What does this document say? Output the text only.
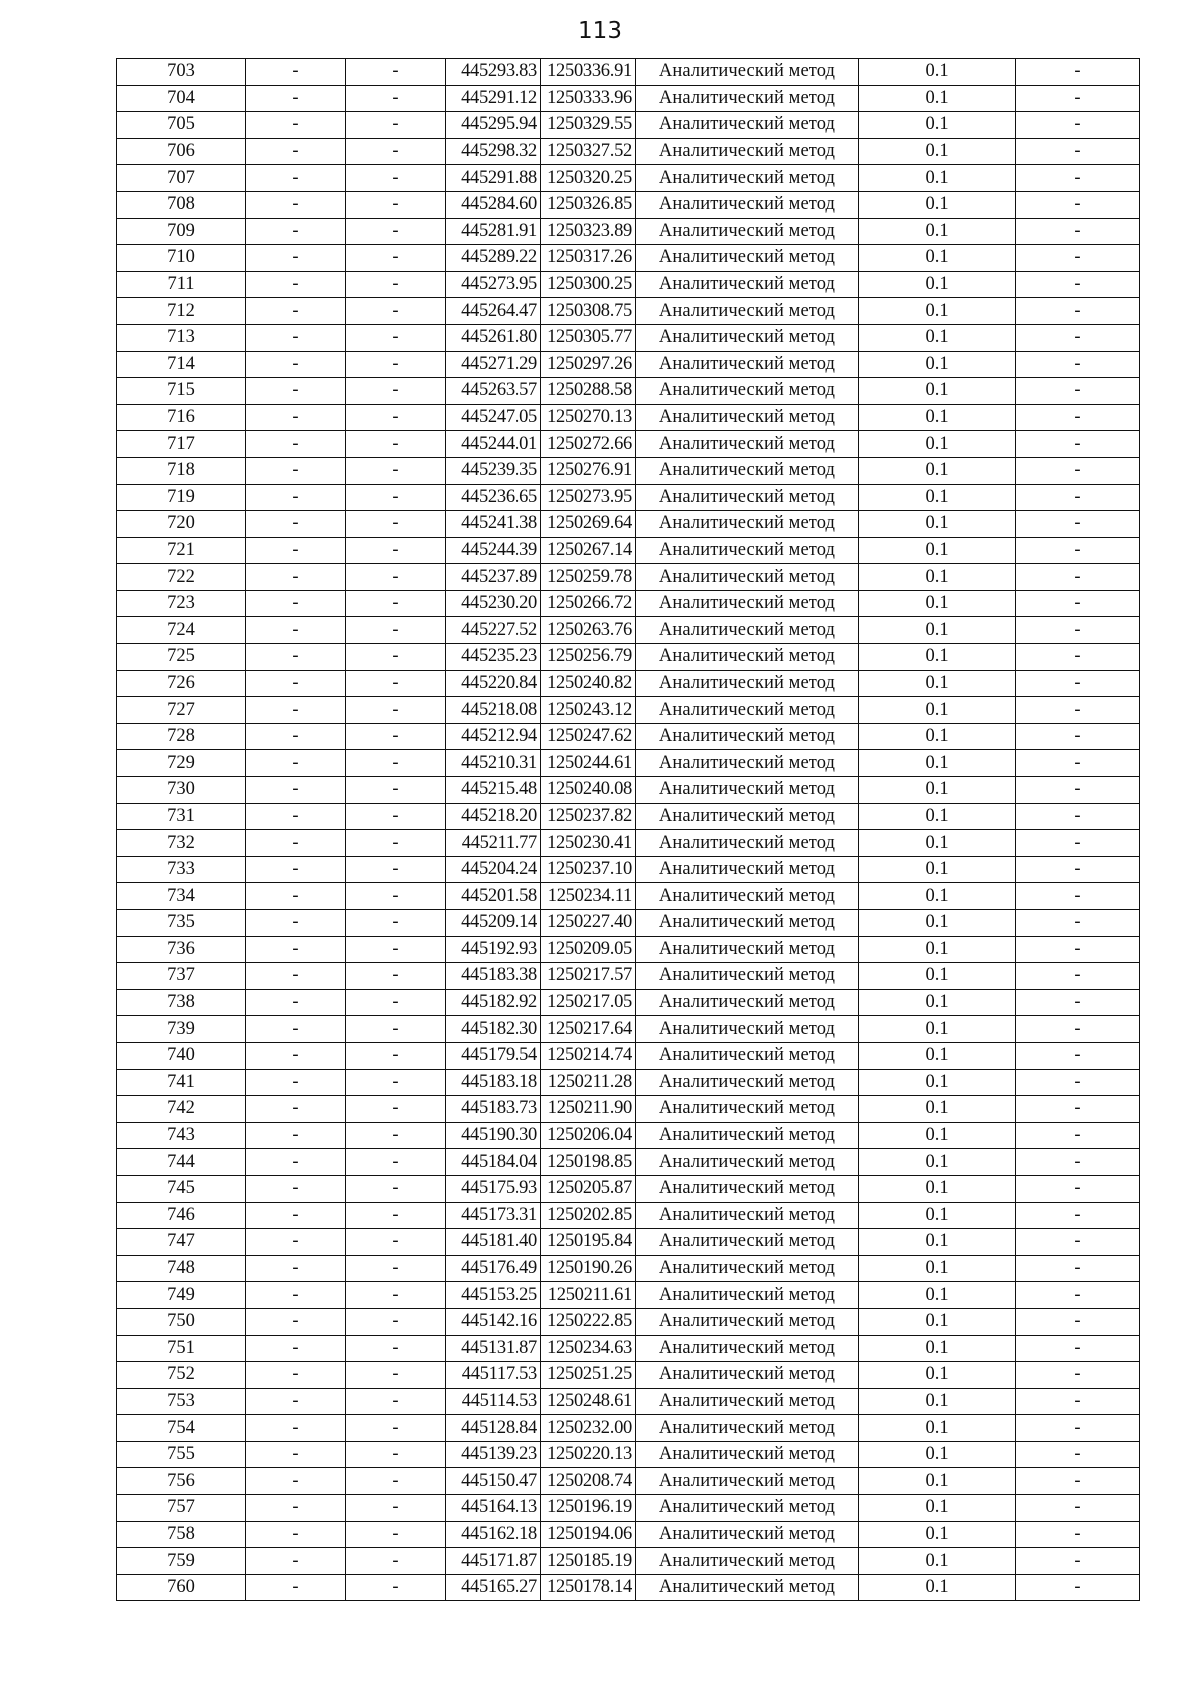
113
703	-	-	445293.83	1250336.91	Аналитический метод	0.1	-
704	-	-	445291.12	1250333.96	Аналитический метод	0.1	-
705	-	-	445295.94	1250329.55	Аналитический метод	0.1	-
706	-	-	445298.32	1250327.52	Аналитический метод	0.1	-
707	-	-	445291.88	1250320.25	Аналитический метод	0.1	-
708	-	-	445284.60	1250326.85	Аналитический метод	0.1	-
709	-	-	445281.91	1250323.89	Аналитический метод	0.1	-
710	-	-	445289.22	1250317.26	Аналитический метод	0.1	-
711	-	-	445273.95	1250300.25	Аналитический метод	0.1	-
712	-	-	445264.47	1250308.75	Аналитический метод	0.1	-
713	-	-	445261.80	1250305.77	Аналитический метод	0.1	-
714	-	-	445271.29	1250297.26	Аналитический метод	0.1	-
715	-	-	445263.57	1250288.58	Аналитический метод	0.1	-
716	-	-	445247.05	1250270.13	Аналитический метод	0.1	-
717	-	-	445244.01	1250272.66	Аналитический метод	0.1	-
718	-	-	445239.35	1250276.91	Аналитический метод	0.1	-
719	-	-	445236.65	1250273.95	Аналитический метод	0.1	-
720	-	-	445241.38	1250269.64	Аналитический метод	0.1	-
721	-	-	445244.39	1250267.14	Аналитический метод	0.1	-
722	-	-	445237.89	1250259.78	Аналитический метод	0.1	-
723	-	-	445230.20	1250266.72	Аналитический метод	0.1	-
724	-	-	445227.52	1250263.76	Аналитический метод	0.1	-
725	-	-	445235.23	1250256.79	Аналитический метод	0.1	-
726	-	-	445220.84	1250240.82	Аналитический метод	0.1	-
727	-	-	445218.08	1250243.12	Аналитический метод	0.1	-
728	-	-	445212.94	1250247.62	Аналитический метод	0.1	-
729	-	-	445210.31	1250244.61	Аналитический метод	0.1	-
730	-	-	445215.48	1250240.08	Аналитический метод	0.1	-
731	-	-	445218.20	1250237.82	Аналитический метод	0.1	-
732	-	-	445211.77	1250230.41	Аналитический метод	0.1	-
733	-	-	445204.24	1250237.10	Аналитический метод	0.1	-
734	-	-	445201.58	1250234.11	Аналитический метод	0.1	-
735	-	-	445209.14	1250227.40	Аналитический метод	0.1	-
736	-	-	445192.93	1250209.05	Аналитический метод	0.1	-
737	-	-	445183.38	1250217.57	Аналитический метод	0.1	-
738	-	-	445182.92	1250217.05	Аналитический метод	0.1	-
739	-	-	445182.30	1250217.64	Аналитический метод	0.1	-
740	-	-	445179.54	1250214.74	Аналитический метод	0.1	-
741	-	-	445183.18	1250211.28	Аналитический метод	0.1	-
742	-	-	445183.73	1250211.90	Аналитический метод	0.1	-
743	-	-	445190.30	1250206.04	Аналитический метод	0.1	-
744	-	-	445184.04	1250198.85	Аналитический метод	0.1	-
745	-	-	445175.93	1250205.87	Аналитический метод	0.1	-
746	-	-	445173.31	1250202.85	Аналитический метод	0.1	-
747	-	-	445181.40	1250195.84	Аналитический метод	0.1	-
748	-	-	445176.49	1250190.26	Аналитический метод	0.1	-
749	-	-	445153.25	1250211.61	Аналитический метод	0.1	-
750	-	-	445142.16	1250222.85	Аналитический метод	0.1	-
751	-	-	445131.87	1250234.63	Аналитический метод	0.1	-
752	-	-	445117.53	1250251.25	Аналитический метод	0.1	-
753	-	-	445114.53	1250248.61	Аналитический метод	0.1	-
754	-	-	445128.84	1250232.00	Аналитический метод	0.1	-
755	-	-	445139.23	1250220.13	Аналитический метод	0.1	-
756	-	-	445150.47	1250208.74	Аналитический метод	0.1	-
757	-	-	445164.13	1250196.19	Аналитический метод	0.1	-
758	-	-	445162.18	1250194.06	Аналитический метод	0.1	-
759	-	-	445171.87	1250185.19	Аналитический метод	0.1	-
760	-	-	445165.27	1250178.14	Аналитический метод	0.1	-
